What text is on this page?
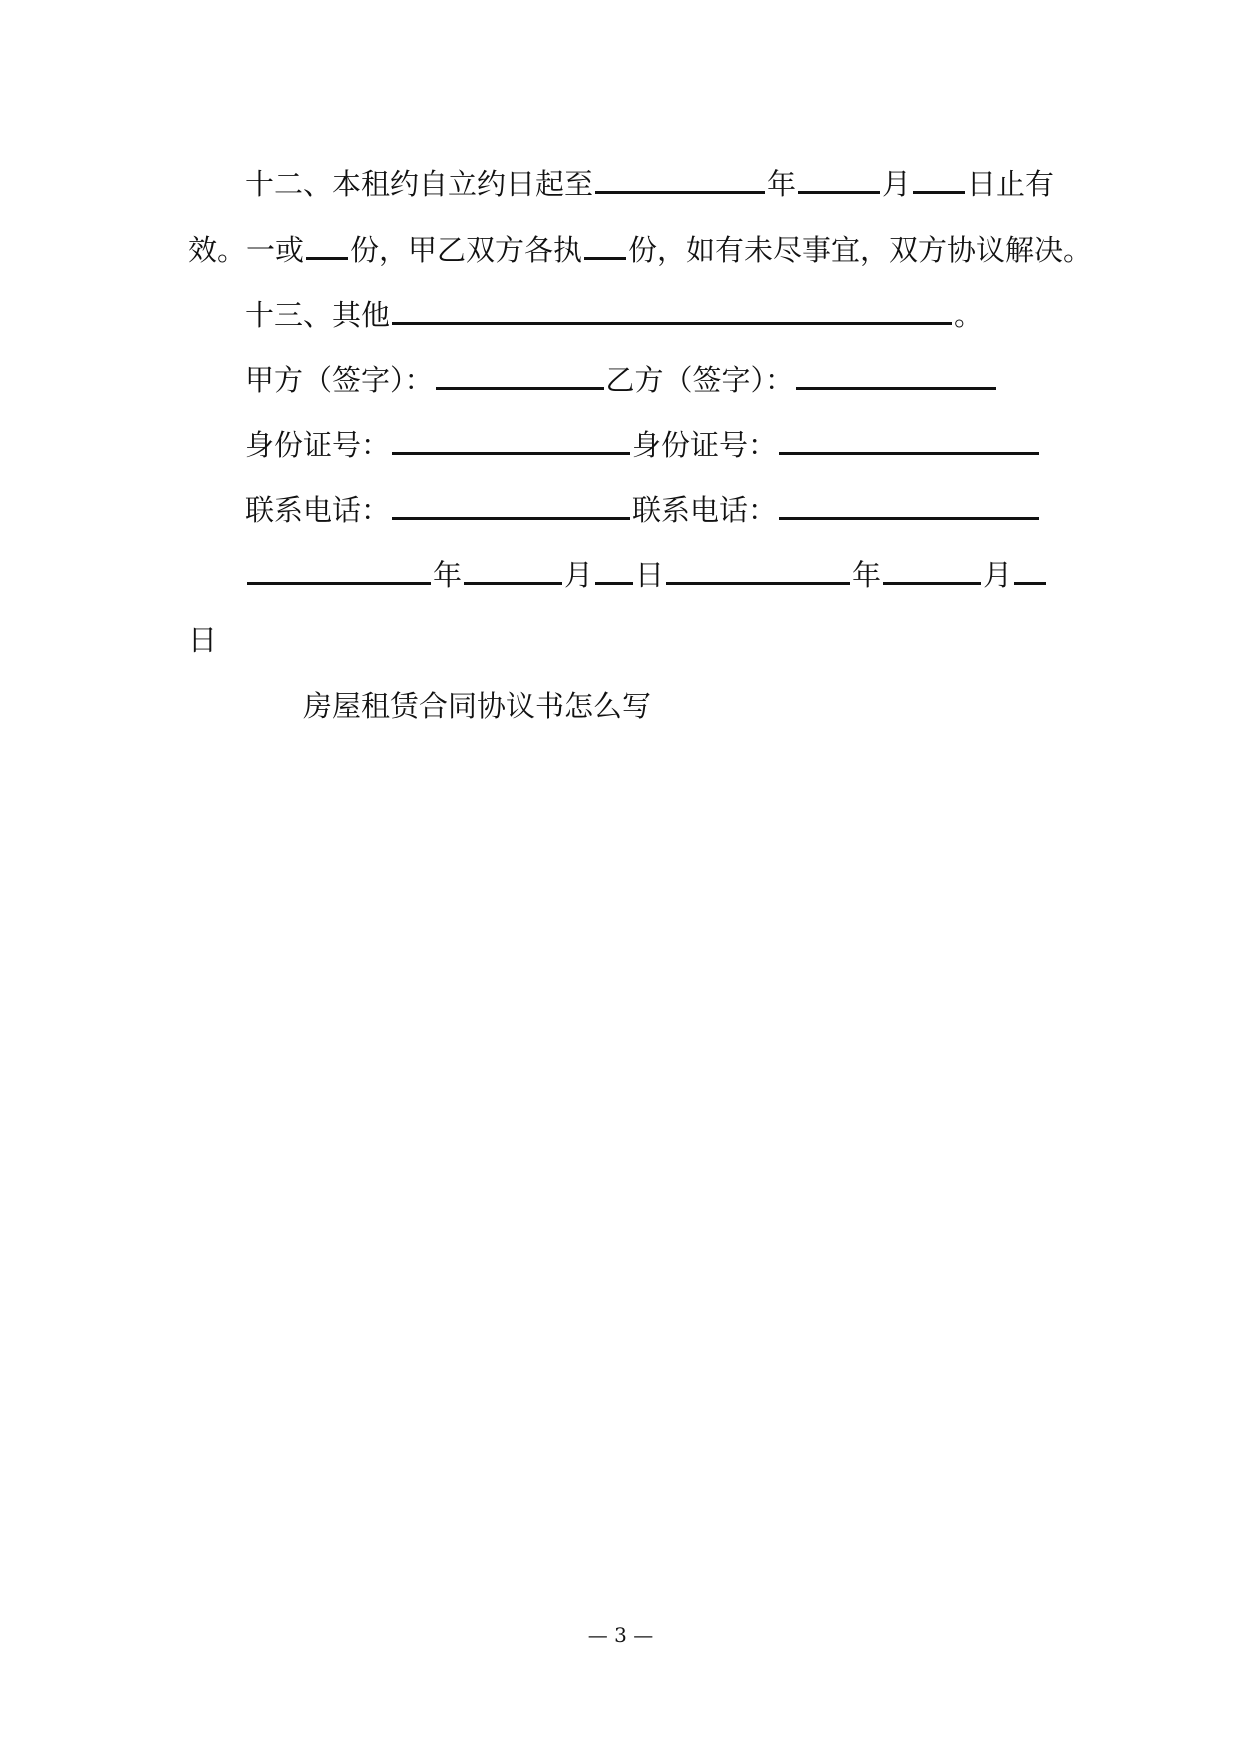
十二、本租约自立约日起至	年	月 日止有
效。一或 份，甲乙双方各执 份，如有未尽事宜，双方协议解决。
十三、其他	。
甲方（签字）：	乙方（签字）：
身份证号：	身份证号：
联系电话：	联系电话：
年	月 日	年	月
日
房屋租赁合同协议书怎么写
— 3 —
